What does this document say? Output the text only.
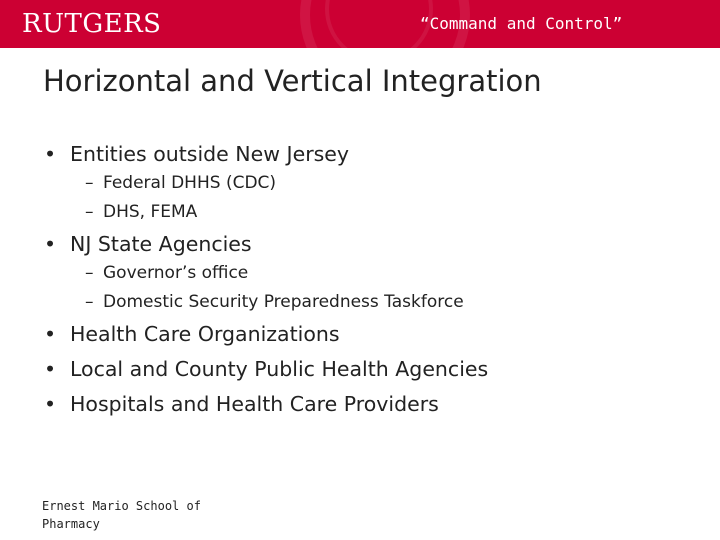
RUTGERS	“Command and Control”
Horizontal and Vertical Integration
• Entities outside New Jersey
– Federal DHHS (CDC)
– DHS, FEMA
• NJ State Agencies
– Governor’s office
– Domestic Security Preparedness Taskforce
• Health Care Organizations
• Local and County Public Health Agencies
• Hospitals and Health Care Providers
Ernest Mario School of
Pharmacy
